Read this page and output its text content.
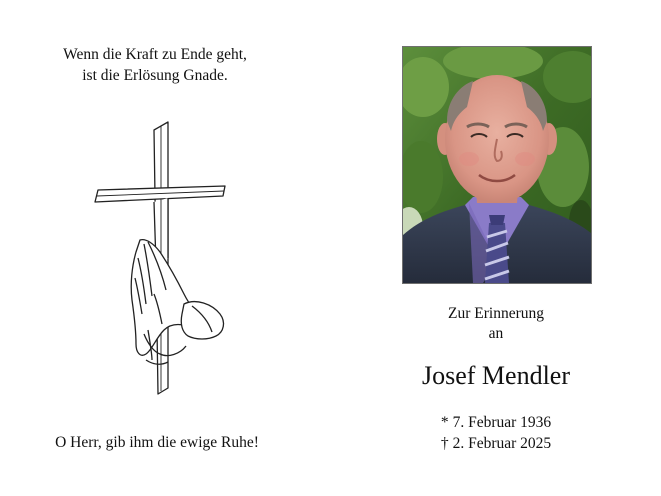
Wenn die Kraft zu Ende geht,
ist die Erlösung Gnade.
O Herr, gib ihm die ewige Ruhe!
Zur Erinnerung
an
Josef Mendler
* 7. Februar 1936
† 2. Februar 2025
